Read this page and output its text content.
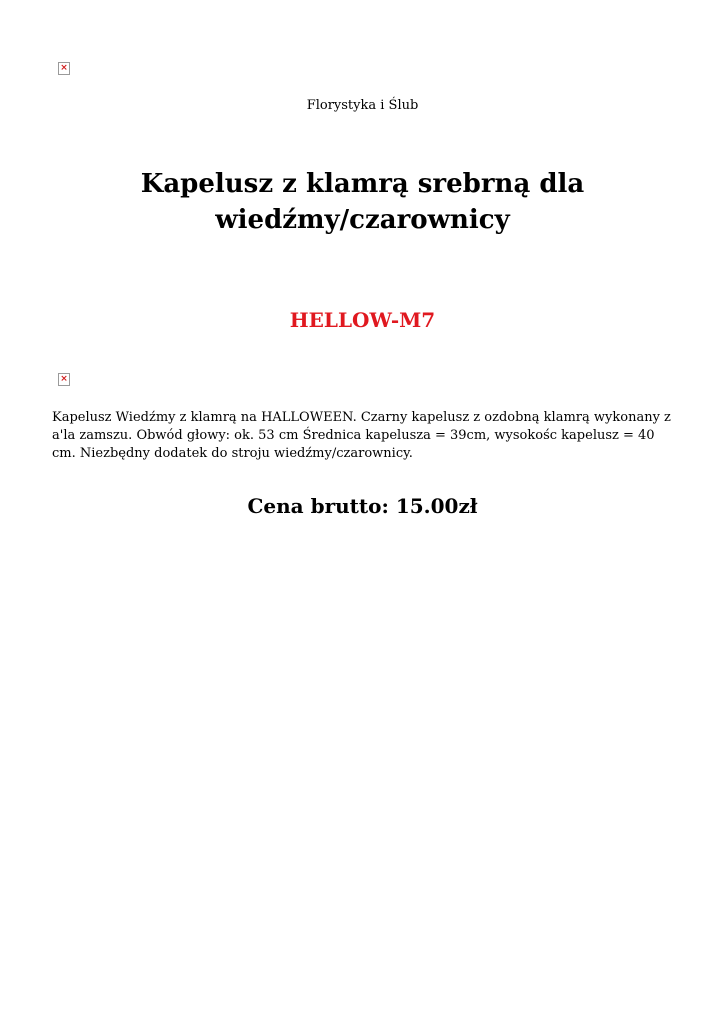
×
Florystyka i Ślub
Kapelusz z klamrą srebrną dla wiedźmy/czarownicy
HELLOW-M7
×

Kapelusz Wiedźmy z klamrą na HALLOWEEN. Czarny kapelusz z ozdobną klamrą wykonany z a'la zamszu. Obwód głowy: ok. 53 cm Średnica kapelusza = 39cm, wysokośc kapelusz = 40 cm. Niezbędny dodatek do stroju wiedźmy/czarownicy.

Cena brutto: 15.00zł
